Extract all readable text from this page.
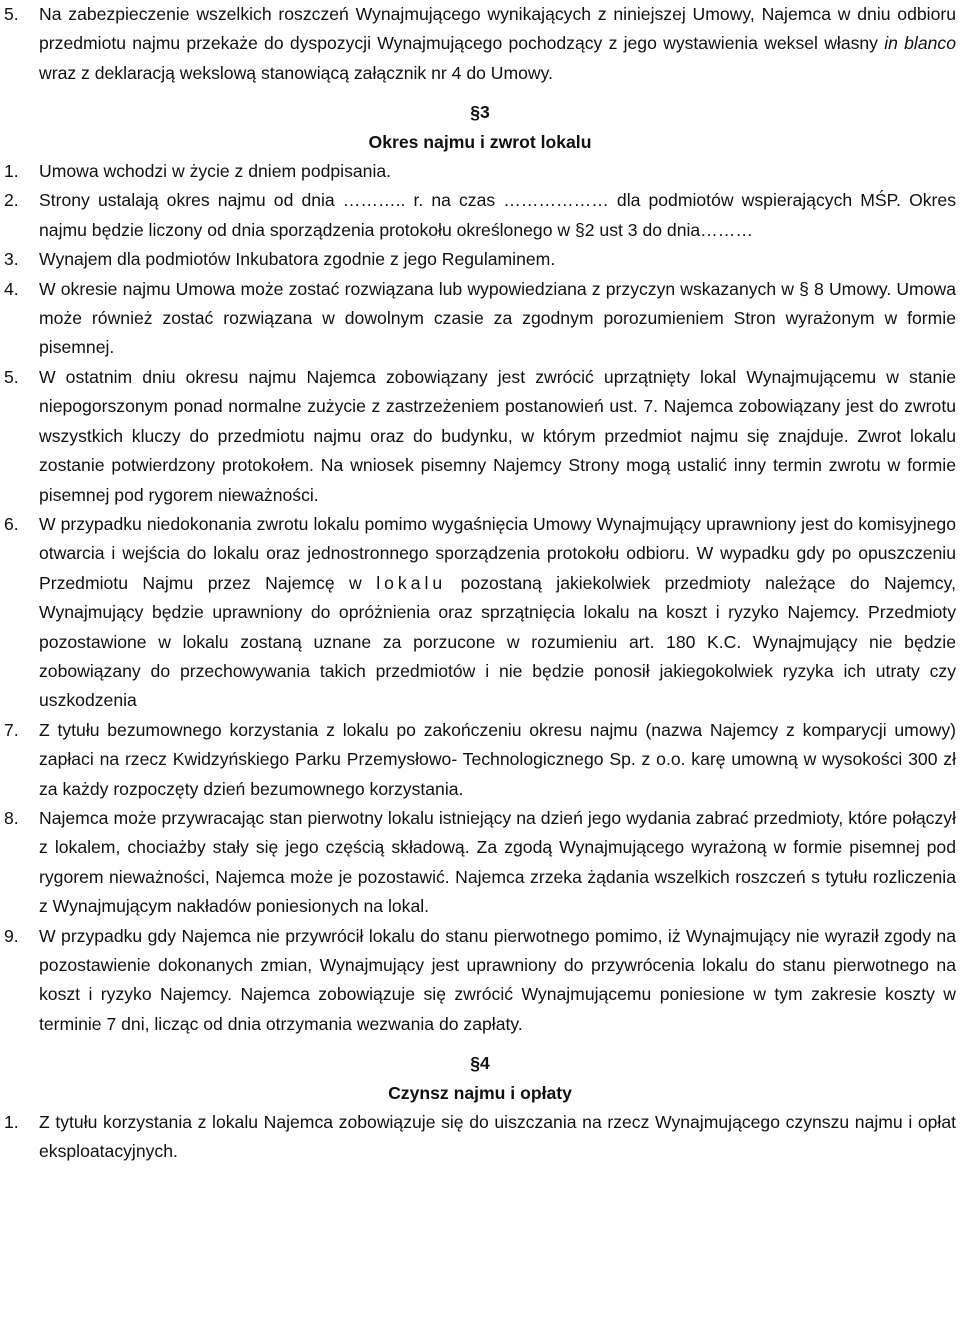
5. Na zabezpieczenie wszelkich roszczeń Wynajmującego wynikających z niniejszej Umowy, Najemca w dniu odbioru przedmiotu najmu przekaże do dyspozycji Wynajmującego pochodzący z jego wystawienia weksel własny in blanco wraz z deklaracją wekslową stanowiącą załącznik nr 4 do Umowy.

§3

Okres najmu i zwrot lokalu

1. Umowa wchodzi w życie z dniem podpisania.
2. Strony ustalają okres najmu od dnia ……….. r. na czas ……………… dla podmiotów wspierających MŚP. Okres najmu będzie liczony od dnia sporządzenia protokołu określonego w §2 ust 3 do dnia………
3. Wynajem dla podmiotów Inkubatora zgodnie z jego Regulaminem.
4. W okresie najmu Umowa może zostać rozwiązana lub wypowiedziana z przyczyn wskazanych w § 8 Umowy. Umowa może również zostać rozwiązana w dowolnym czasie za zgodnym porozumieniem Stron wyrażonym w formie pisemnej.
5. W ostatnim dniu okresu najmu Najemca zobowiązany jest zwrócić uprzątnięty lokal Wynajmującemu w stanie niepogorszonym ponad normalne zużycie z zastrzeżeniem postanowień ust. 7. Najemca zobowiązany jest do zwrotu wszystkich kluczy do przedmiotu najmu oraz do budynku, w którym przedmiot najmu się znajduje. Zwrot lokalu zostanie potwierdzony protokołem. Na wniosek pisemny Najemcy Strony mogą ustalić inny termin zwrotu w formie pisemnej pod rygorem nieważności.
6. W przypadku niedokonania zwrotu lokalu pomimo wygaśnięcia Umowy Wynajmujący uprawniony jest do komisyjnego otwarcia i wejścia do lokalu oraz jednostronnego sporządzenia protokołu odbioru. W wypadku gdy po opuszczeniu Przedmiotu Najmu przez Najemcę w lokalu pozostaną jakiekolwiek przedmioty należące do Najemcy, Wynajmujący będzie uprawniony do opróżnienia oraz sprzątnięcia lokalu na koszt i ryzyko Najemcy. Przedmioty pozostawione w lokalu zostaną uznane za porzucone w rozumieniu art. 180 K.C. Wynajmujący nie będzie zobowiązany do przechowywania takich przedmiotów i nie będzie ponosił jakiegokolwiek ryzyka ich utraty czy uszkodzenia
7. Z tytułu bezumownego korzystania z lokalu po zakończeniu okresu najmu (nazwa Najemcy z komparycji umowy) zapłaci na rzecz Kwidzyńskiego Parku Przemysłowo- Technologicznego Sp. z o.o. karę umowną w wysokości 300 zł za każdy rozpoczęty dzień bezumownego korzystania.
8. Najemca może przywracając stan pierwotny lokalu istniejący na dzień jego wydania zabrać przedmioty, które połączył z lokalem, chociażby stały się jego częścią składową. Za zgodą Wynajmującego wyrażoną w formie pisemnej pod rygorem nieważności, Najemca może je pozostawić. Najemca zrzeka żądania wszelkich roszczeń s tytułu rozliczenia z Wynajmującym nakładów poniesionych na lokal.
9. W przypadku gdy Najemca nie przywrócił lokalu do stanu pierwotnego pomimo, iż Wynajmujący nie wyraził zgody na pozostawienie dokonanych zmian, Wynajmujący jest uprawniony do przywrócenia lokalu do stanu pierwotnego na koszt i ryzyko Najemcy. Najemca zobowiązuje się zwrócić Wynajmującemu poniesione w tym zakresie koszty w terminie 7 dni, licząc od dnia otrzymania wezwania do zapłaty.

§4

Czynsz najmu i opłaty

1. Z tytułu korzystania z lokalu Najemca zobowiązuje się do uiszczania na rzecz Wynajmującego czynszu najmu i opłat eksploatacyjnych.
